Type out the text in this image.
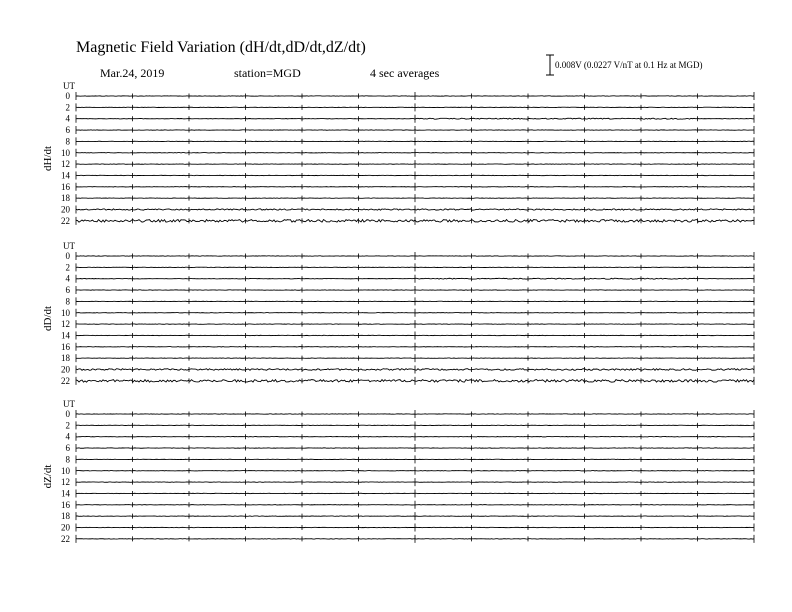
Magnetic Field Variation (dH/dt,dD/dt,dZ/dt)
Mar.24, 2019	station=MGD	4 sec averages
0.008V (0.0227 V/nT at 0.1 Hz at MGD)
UT
dH/dt
0
2
4
6
8
10
12
14
16
18
20
22
UT
dD/dt
0
2
4
6
8
10
12
14
16
18
20
22
UT
dZ/dt
0
2
4
6
8
10
12
14
16
18
20
22
